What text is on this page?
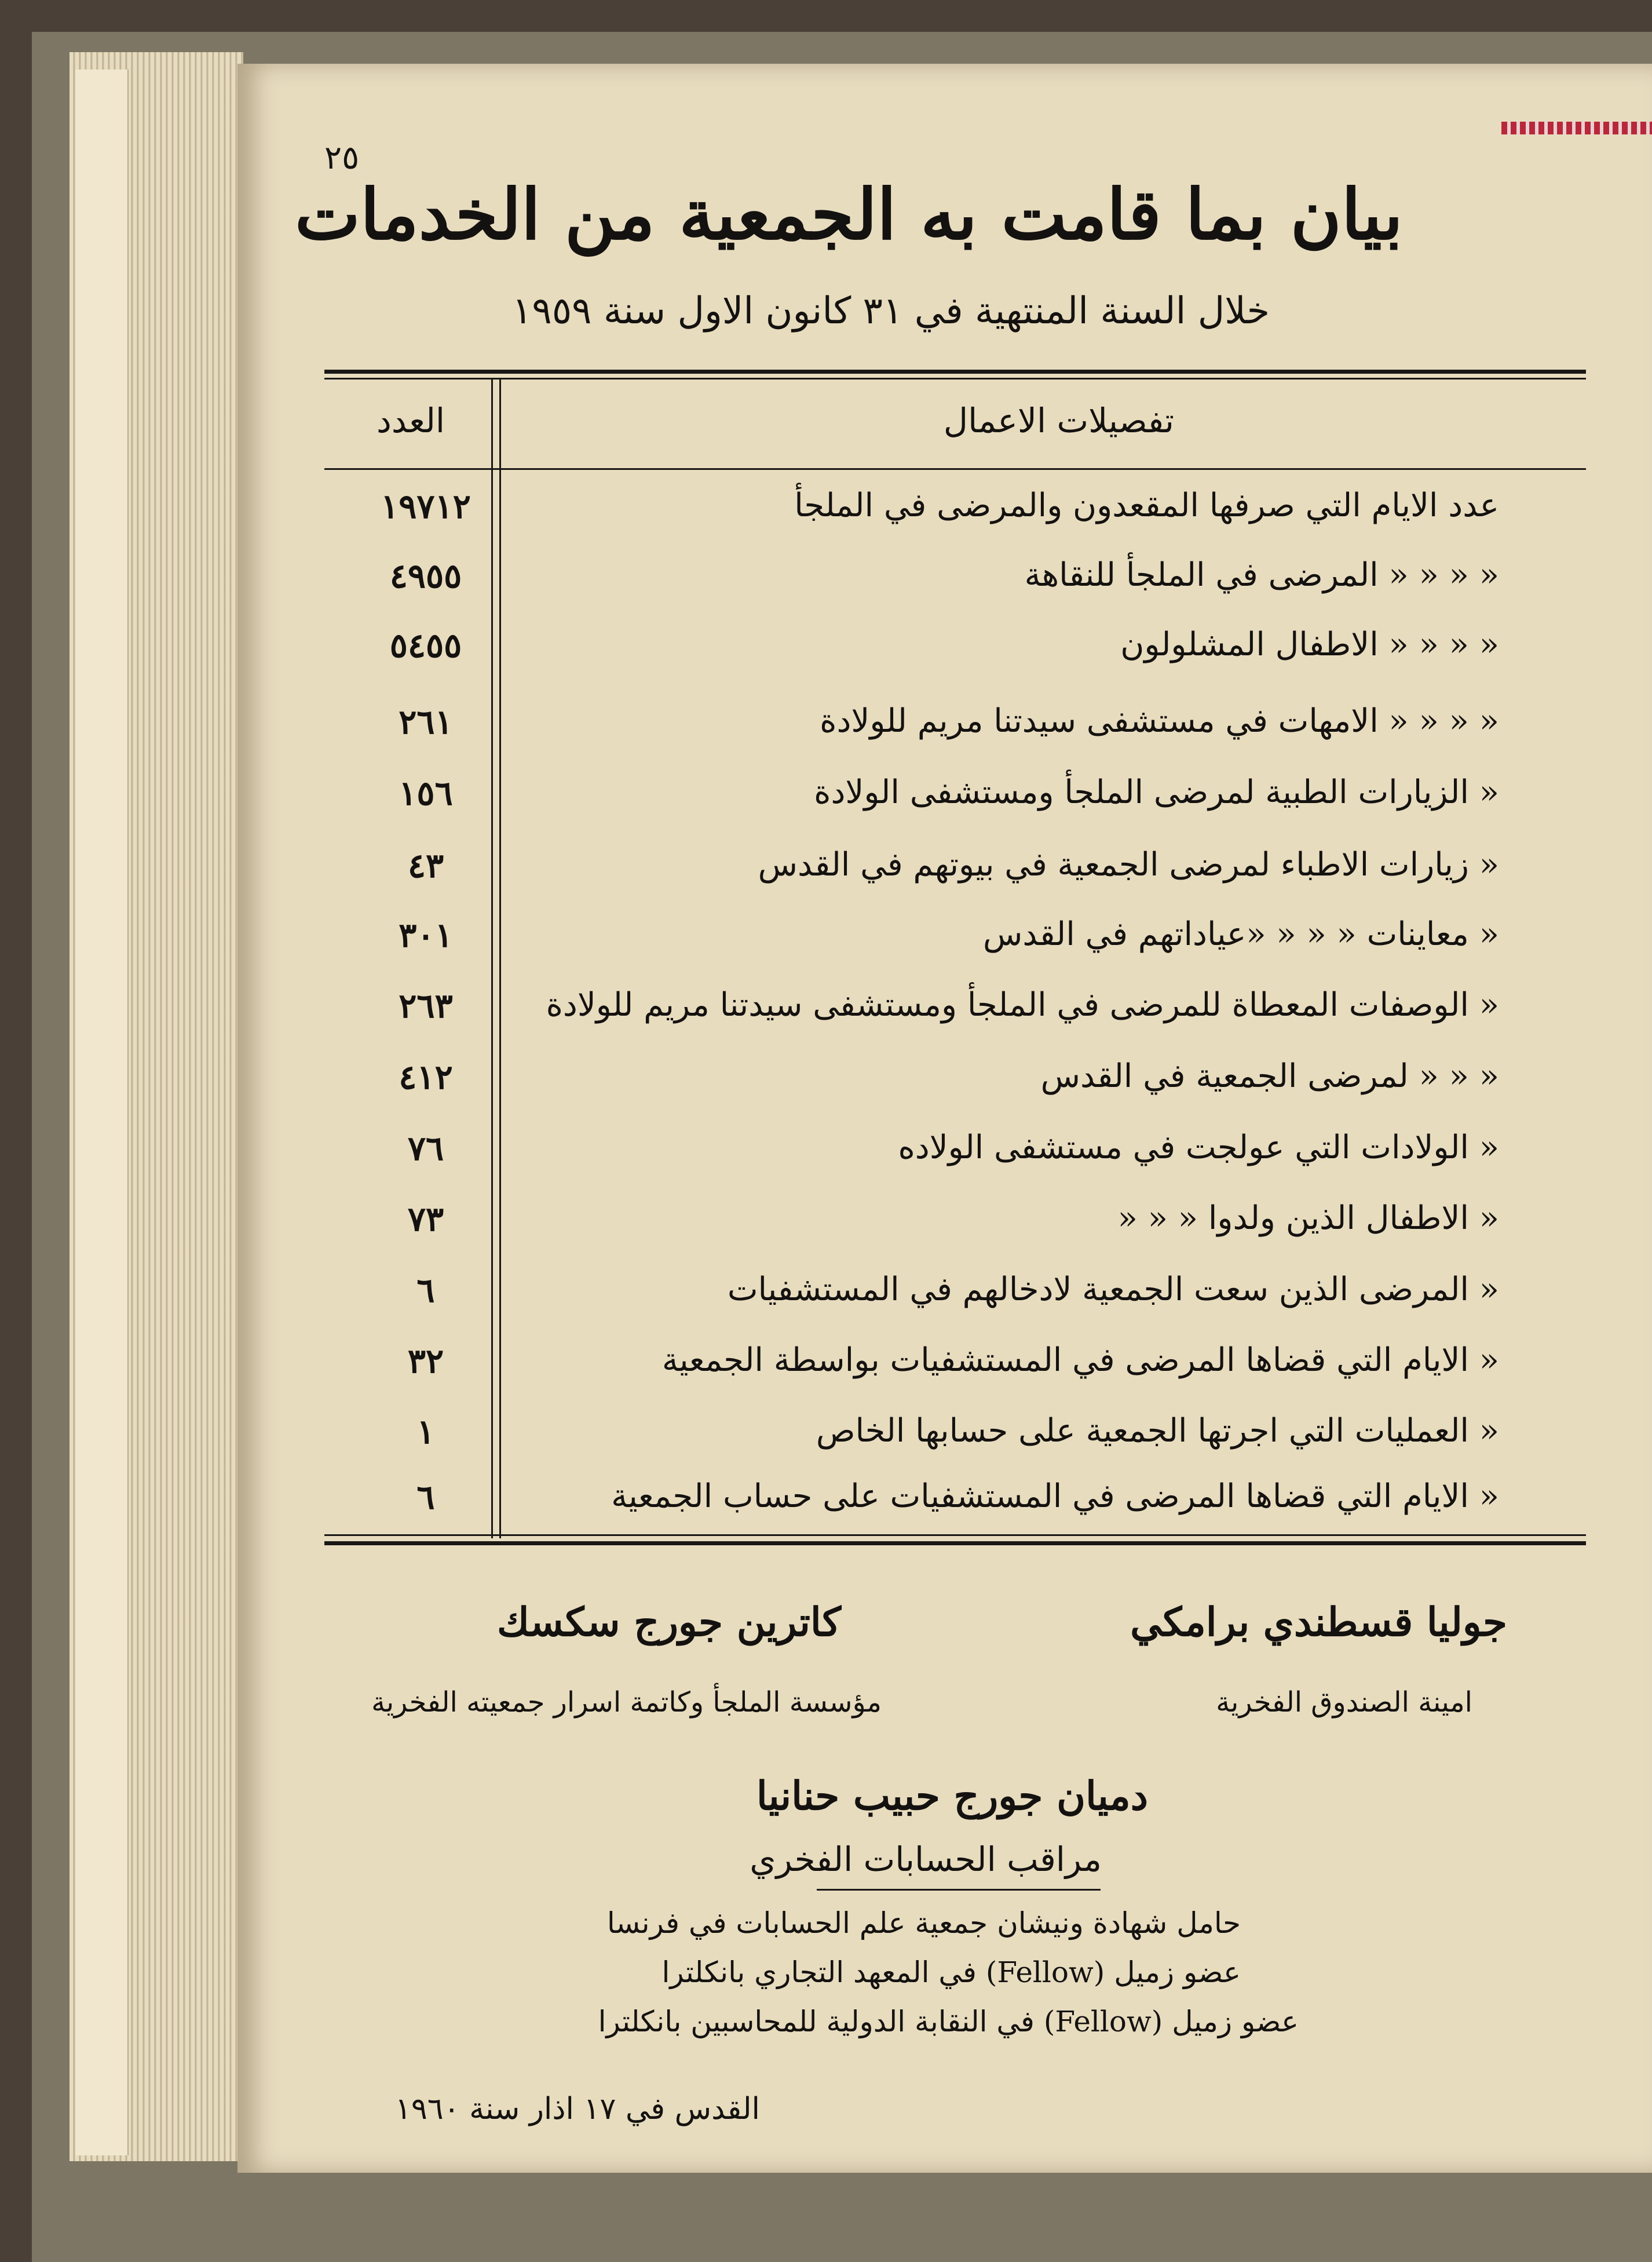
٢٥
بيان بما قامت به الجمعية من الخدمات
خلال السنة المنتهية في ٣١ كانون الاول سنة ١٩٥٩
تفصيلات الاعمال
العدد
عدد الايام التي صرفها المقعدون والمرضى في الملجأ
١٩٧١٢
« « « « المرضى في الملجأ للنقاهة
٤٩٥٥
« « « « الاطفال المشلولون
٥٤٥٥
« « « « الامهات في مستشفى سيدتنا مريم للولادة
٢٦١
« الزيارات الطبية لمرضى الملجأ ومستشفى الولادة
١٥٦
« زيارات الاطباء لمرضى الجمعية في بيوتهم في القدس
٤٣
« معاينات « « « «عياداتهم في القدس
٣٠١
« الوصفات المعطاة للمرضى في الملجأ ومستشفى سيدتنا مريم للولادة
٢٦٣
« « « لمرضى الجمعية في القدس
٤١٢
« الولادات التي عولجت في مستشفى الولاده
٧٦
« الاطفال الذين ولدوا « « «
٧٣
« المرضى الذين سعت الجمعية لادخالهم في المستشفيات
٦
« الايام التي قضاها المرضى في المستشفيات بواسطة الجمعية
٣٢
« العمليات التي اجرتها الجمعية على حسابها الخاص
١
« الايام التي قضاها المرضى في المستشفيات على حساب الجمعية
٦
جوليا قسطندي برامكي
امينة الصندوق الفخرية
كاترين جورج سكسك
مؤسسة الملجأ وكاتمة اسرار جمعيته الفخرية
دميان جورج حبيب حنانيا
مراقب الحسابات الفخري
حامل شهادة ونيشان جمعية علم الحسابات في فرنسا
عضو زميل (Fellow) في المعهد التجاري بانكلترا
عضو زميل (Fellow) في النقابة الدولية للمحاسبين بانكلترا
القدس في ١٧ اذار سنة ١٩٦٠
